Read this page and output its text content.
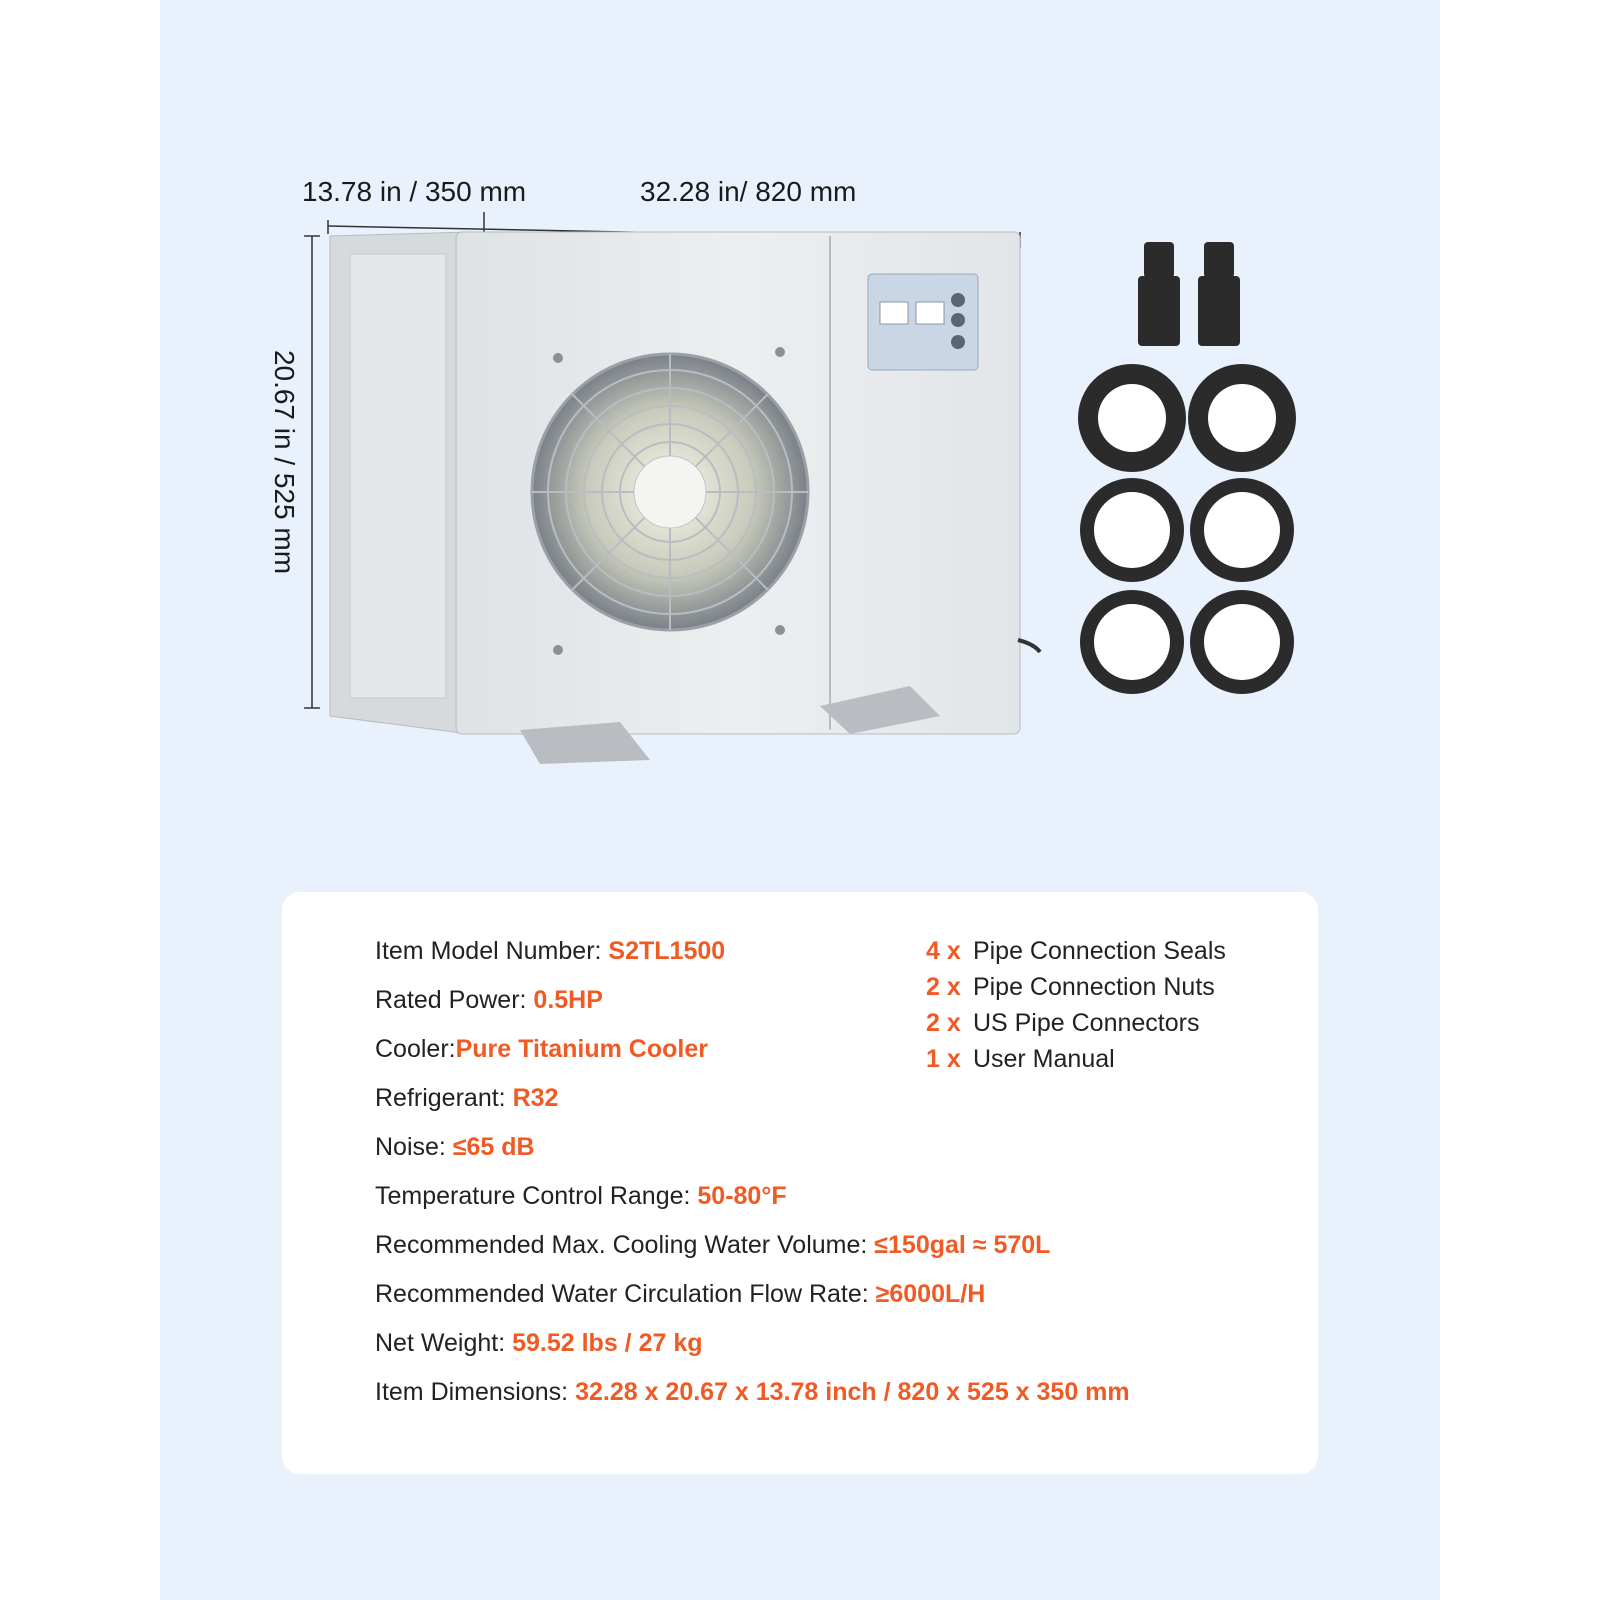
13.78 in / 350 mm	32.28 in/ 820 mm
20.67 in / 525 mm
Item Model Number: S2TL1500
Rated Power: 0.5HP
Cooler:Pure Titanium Cooler
Refrigerant: R32
Noise: ≤65 dB
Temperature Control Range: 50-80°F
Recommended Max. Cooling Water Volume: ≤150gal ≈ 570L
Recommended Water Circulation Flow Rate: ≥6000L/H
Net Weight: 59.52 lbs / 27 kg
Item Dimensions: 32.28 x 20.67 x 13.78 inch / 820 x 525 x 350 mm
4 x Pipe Connection Seals
2 x Pipe Connection Nuts
2 x US Pipe Connectors
1 x User Manual
